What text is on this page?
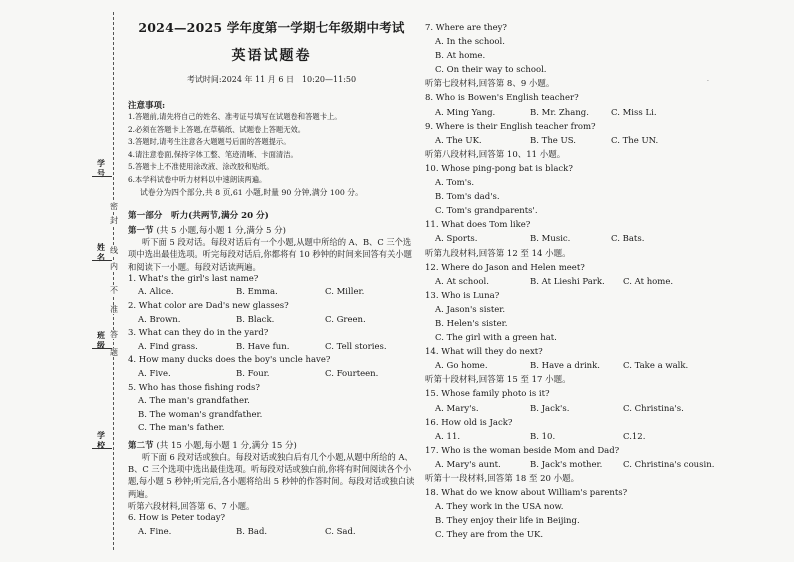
密
封
线
内
不
准
答
题
学号
姓名
班级
学校
2024—2025 学年度第一学期七年级期中考试
英语试题卷
考试时间:2024 年 11 月 6 日　10:20—11:50
注意事项:
1.答题前,请先将自己的姓名、准考证号填写在试题卷和答题卡上。
2.必须在答题卡上答题,在草稿纸、试题卷上答题无效。
3.答题时,请考生注意各大题题号后面的答题提示。
4.请注意卷面,保持字体工整、笔迹清晰、卡面清洁。
5.答题卡上不准使用涂改液、涂改胶和贴纸。
6.本学科试卷中听力材料以中速朗读两遍。
试卷分为四个部分,共 8 页,61 小题,时量 90 分钟,满分 100 分。
第一部分　听力(共两节,满分 20 分)
第一节 (共 5 小题,每小题 1 分,满分 5 分)
听下面 5 段对话。每段对话后有一个小题,从题中所给的 A、B、C 三个选项中选出最佳选项。听完每段对话后,你都将有 10 秒钟的时间来回答有关小题和阅读下一小题。每段对话读两遍。
1. What's the girl's last name?
A. Alice.	B. Emma.	C. Miller.
2. What color are Dad's new glasses?
A. Brown.	B. Black.	C. Green.
3. What can they do in the yard?
A. Find grass.	B. Have fun.	C. Tell stories.
4. How many ducks does the boy's uncle have?
A. Five.	B. Four.	C. Fourteen.
5. Who has those fishing rods?
A. The man's grandfather.
B. The woman's grandfather.
C. The man's father.
第二节 (共 15 小题,每小题 1 分,满分 15 分)
听下面 6 段对话或独白。每段对话或独白后有几个小题,从题中所给的 A、B、C 三个选项中选出最佳选项。听每段对话或独白前,你将有时间阅读各个小题,每小题 5 秒钟;听完后,各小题将给出 5 秒钟的作答时间。每段对话或独白读两遍。
听第六段材料,回答第 6、7 小题。
6. How is Peter today?
A. Fine.	B. Bad.	C. Sad.
7. Where are they?
A. In the school.
B. At home.
C. On their way to school.
听第七段材料,回答第 8、9 小题。
8. Who is Bowen's English teacher?
A. Ming Yang.	B. Mr. Zhang.	C. Miss Li.
9. Where is their English teacher from?
A. The UK.	B. The US.	C. The UN.
听第八段材料,回答第 10、11 小题。
10. Whose ping-pong bat is black?
A. Tom's.
B. Tom's dad's.
C. Tom's grandparents'.
11. What does Tom like?
A. Sports.	B. Music.	C. Bats.
听第九段材料,回答第 12 至 14 小题。
12. Where do Jason and Helen meet?
A. At school.	B. At Lieshi Park.	C. At home.
13. Who is Luna?
A. Jason's sister.
B. Helen's sister.
C. The girl with a green hat.
14. What will they do next?
A. Go home.	B. Have a drink.	C. Take a walk.
听第十段材料,回答第 15 至 17 小题。
15. Whose family photo is it?
A. Mary's.	B. Jack's.	C. Christina's.
16. How old is Jack?
A. 11.	B. 10.	C.12.
17. Who is the woman beside Mom and Dad?
A. Mary's aunt.	B. Jack's mother.	C. Christina's cousin.
听第十一段材料,回答第 18 至 20 小题。
18. What do we know about William's parents?
A. They work in the USA now.
B. They enjoy their life in Beijing.
C. They are from the UK.
·
